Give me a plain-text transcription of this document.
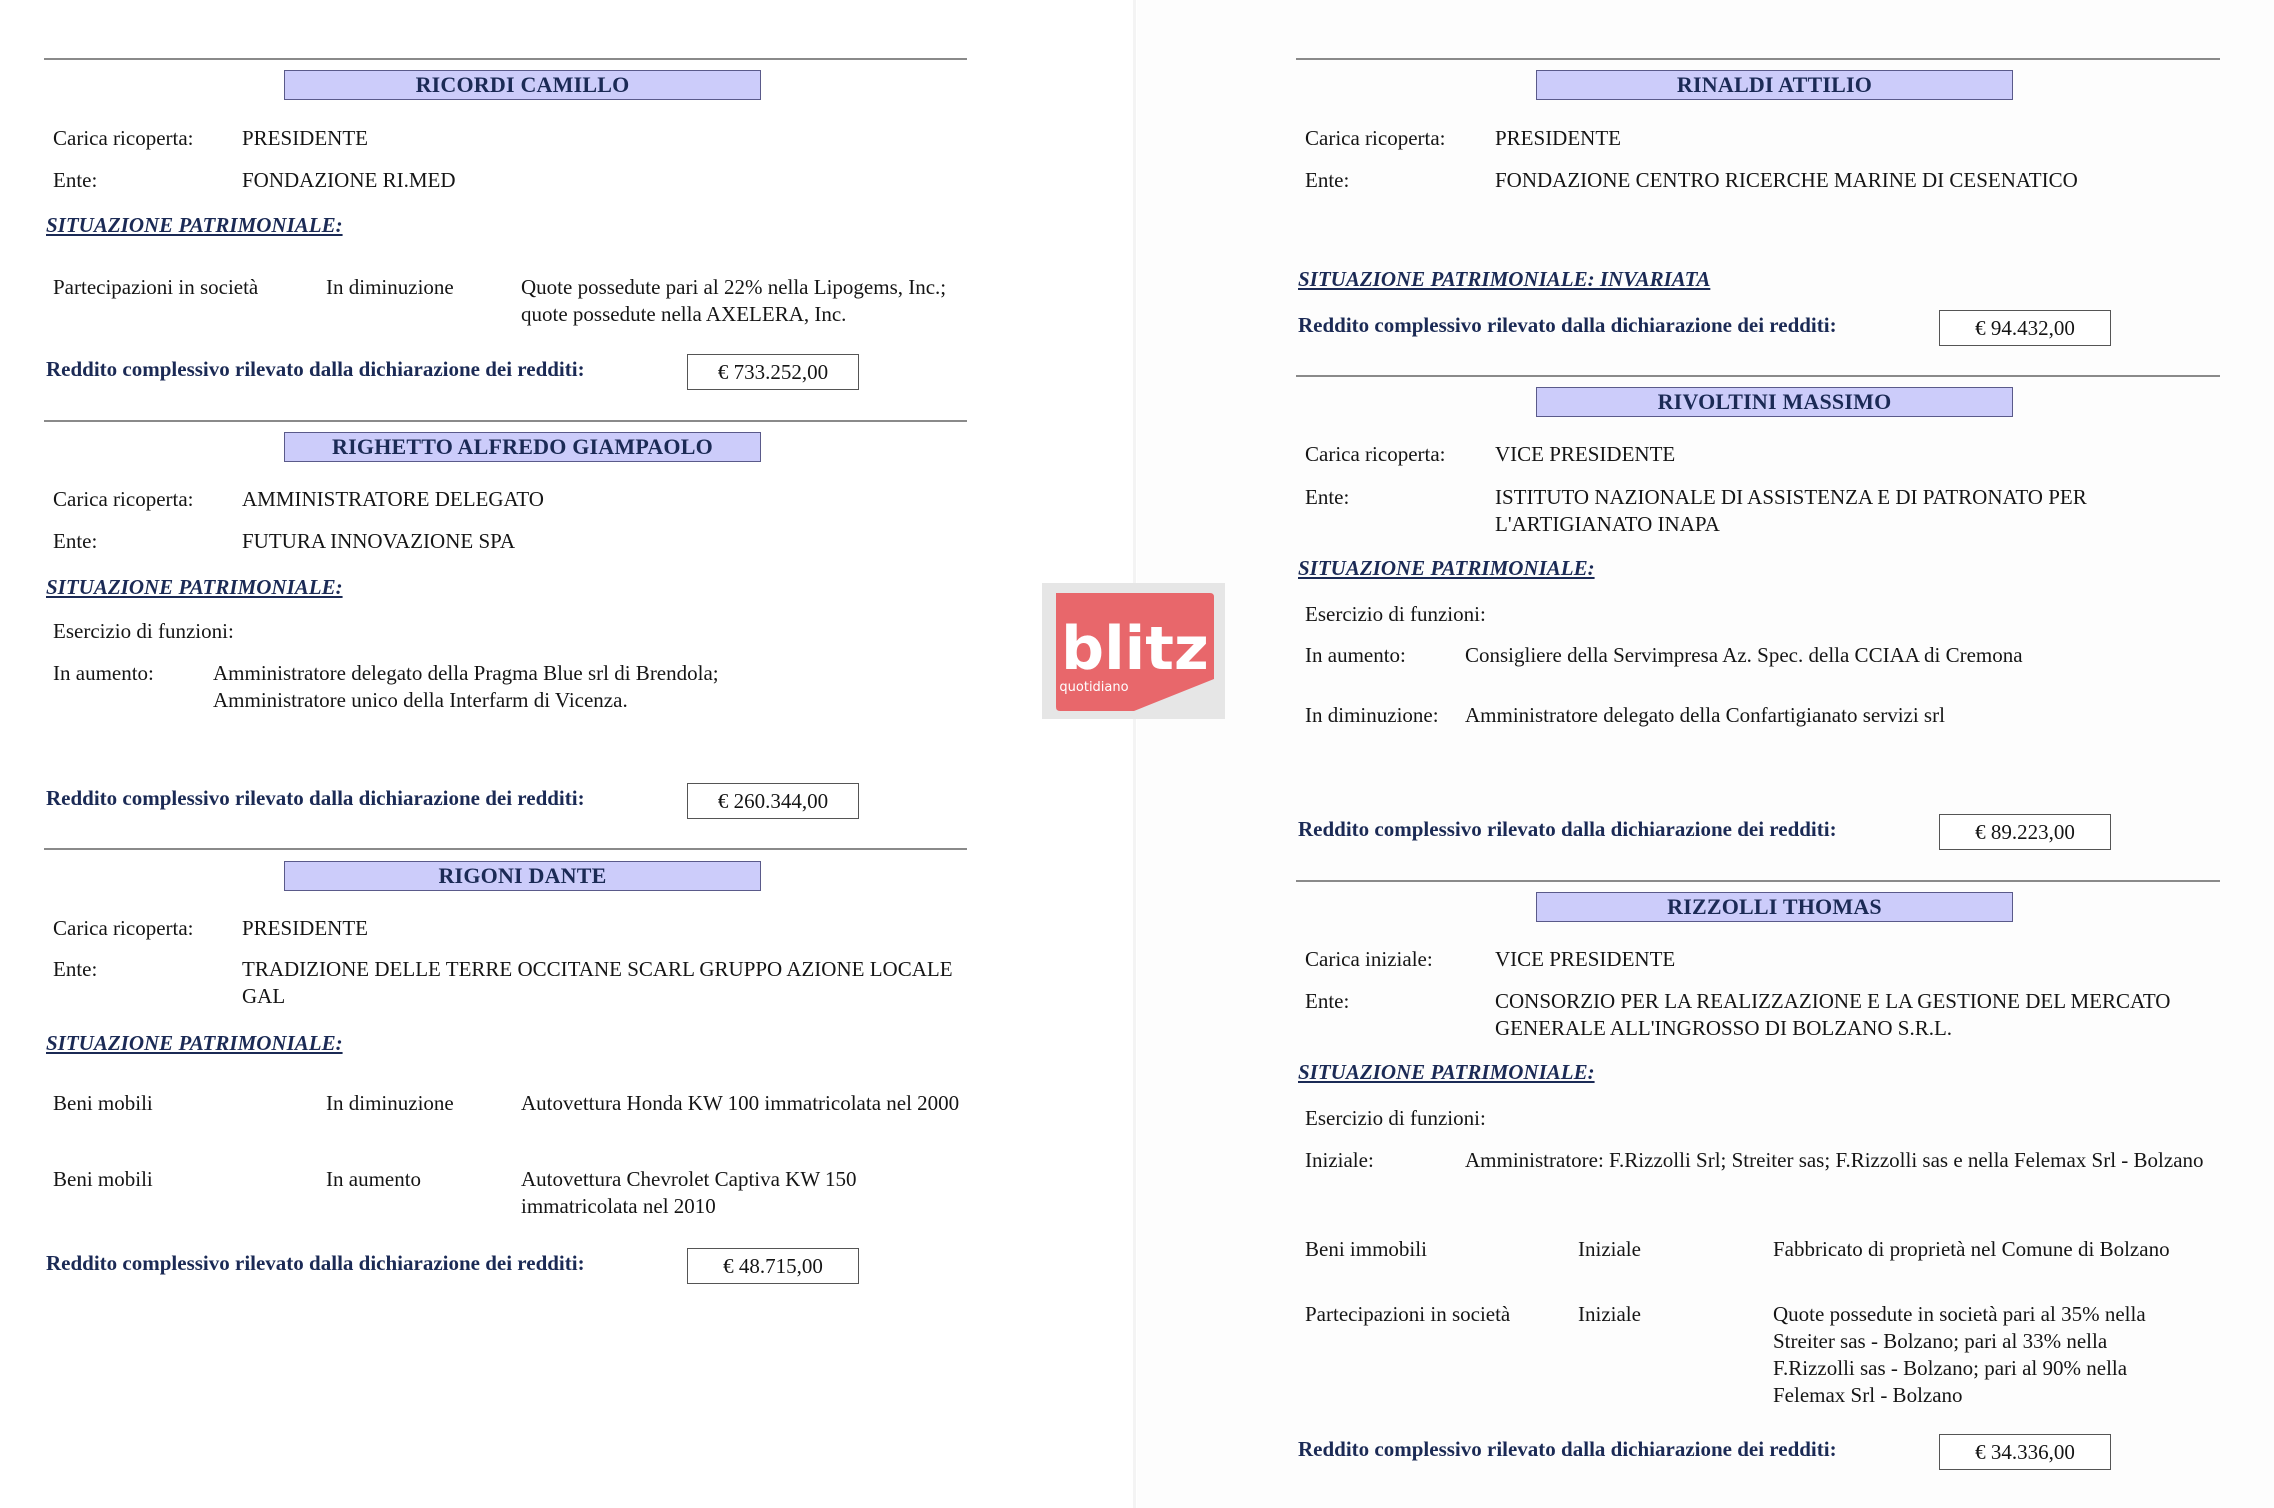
RICORDI CAMILLO
Carica ricoperta: PRESIDENTE
Ente:	FONDAZIONE RI.MED
SITUAZIONE PATRIMONIALE:
Partecipazioni in società	In diminuzione	Quote possedute pari al 22% nella Lipogems, Inc.; quote possedute nella AXELERA, Inc.
Reddito complessivo rilevato dalla dichiarazione dei redditi:	€ 733.252,00
RIGHETTO ALFREDO GIAMPAOLO
Carica ricoperta: AMMINISTRATORE DELEGATO
Ente:	FUTURA INNOVAZIONE SPA
SITUAZIONE PATRIMONIALE:
Esercizio di funzioni:
In aumento:	Amministratore delegato della Pragma Blue srl di Brendola; Amministratore unico della Interfarm di Vicenza.
Reddito complessivo rilevato dalla dichiarazione dei redditi:	€ 260.344,00
RIGONI DANTE
Carica ricoperta: PRESIDENTE
Ente:	TRADIZIONE DELLE TERRE OCCITANE SCARL GRUPPO AZIONE LOCALE GAL
SITUAZIONE PATRIMONIALE:
Beni mobili	In diminuzione	Autovettura Honda KW 100 immatricolata nel 2000
Beni mobili	In aumento	Autovettura Chevrolet Captiva KW 150 immatricolata nel 2010
Reddito complessivo rilevato dalla dichiarazione dei redditi:	€ 48.715,00
RINALDI ATTILIO
Carica ricoperta: PRESIDENTE
Ente:	FONDAZIONE CENTRO RICERCHE MARINE DI CESENATICO
SITUAZIONE PATRIMONIALE: INVARIATA
Reddito complessivo rilevato dalla dichiarazione dei redditi:	€ 94.432,00
RIVOLTINI MASSIMO
Carica ricoperta: VICE PRESIDENTE
Ente:	ISTITUTO NAZIONALE DI ASSISTENZA E DI PATRONATO PER L'ARTIGIANATO INAPA
SITUAZIONE PATRIMONIALE:
Esercizio di funzioni:
In aumento:	Consigliere della Servimpresa Az. Spec. della CCIAA di Cremona
In diminuzione: Amministratore delegato della Confartigianato servizi srl
Reddito complessivo rilevato dalla dichiarazione dei redditi:	€ 89.223,00
RIZZOLLI THOMAS
Carica iniziale:	VICE PRESIDENTE
Ente:	CONSORZIO PER LA REALIZZAZIONE E LA GESTIONE DEL MERCATO GENERALE ALL'INGROSSO DI BOLZANO S.R.L.
SITUAZIONE PATRIMONIALE:
Esercizio di funzioni:
Iniziale:	Amministratore: F.Rizzolli Srl; Streiter sas; F.Rizzolli sas e nella Felemax Srl - Bolzano
Beni immobili	Iniziale	Fabbricato di proprietà nel Comune di Bolzano
Partecipazioni in società	Iniziale	Quote possedute in società pari al 35% nella Streiter sas - Bolzano; pari al 33% nella F.Rizzolli sas - Bolzano; pari al 90% nella Felemax Srl - Bolzano
Reddito complessivo rilevato dalla dichiarazione dei redditi:	€ 34.336,00
blitz
quotidiano
